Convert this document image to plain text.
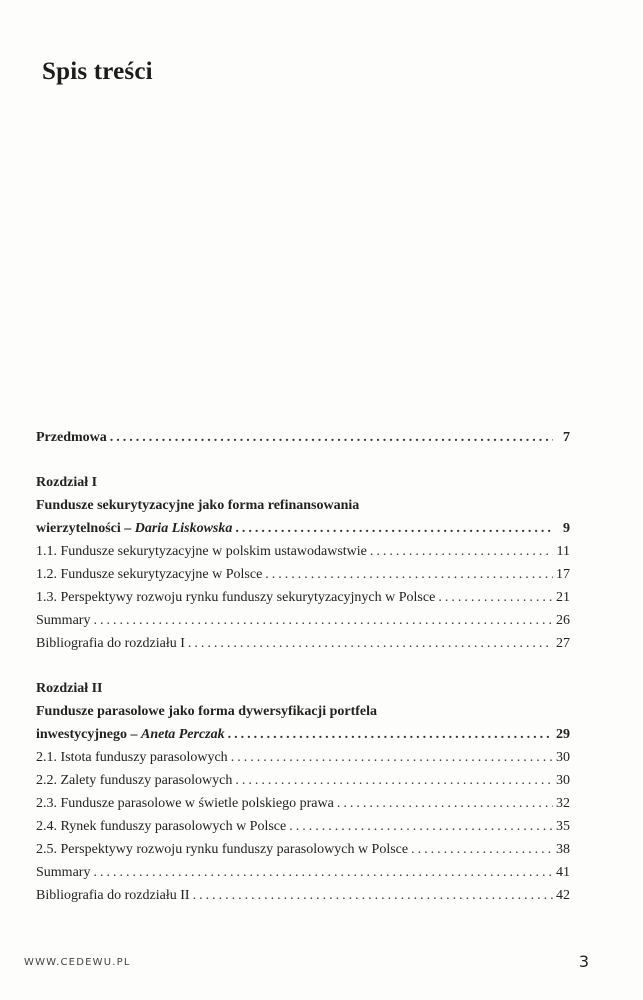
Spis treści
Przedmowa .....	7
Rozdział I
Fundusze sekurytyzacyjne jako forma refinansowania
wierzytelności – Daria Liskowska .....	9
1.1. Fundusze sekurytyzacyjne w polskim ustawodawstwie .....	11
1.2. Fundusze sekurytyzacyjne w Polsce .....	17
1.3. Perspektywy rozwoju rynku funduszy sekurytyzacyjnych w Polsce .....	21
Summary .....	26
Bibliografia do rozdziału I .....	27
Rozdział II
Fundusze parasolowe jako forma dywersyfikacji portfela
inwestycyjnego – Aneta Perczak .....	29
2.1. Istota funduszy parasolowych .....	30
2.2. Zalety funduszy parasolowych .....	30
2.3. Fundusze parasolowe w świetle polskiego prawa .....	32
2.4. Rynek funduszy parasolowych w Polsce .....	35
2.5. Perspektywy rozwoju rynku funduszy parasolowych w Polsce .....	38
Summary .....	41
Bibliografia do rozdziału II .....	42
WWW.CEDEWU.PL	3
